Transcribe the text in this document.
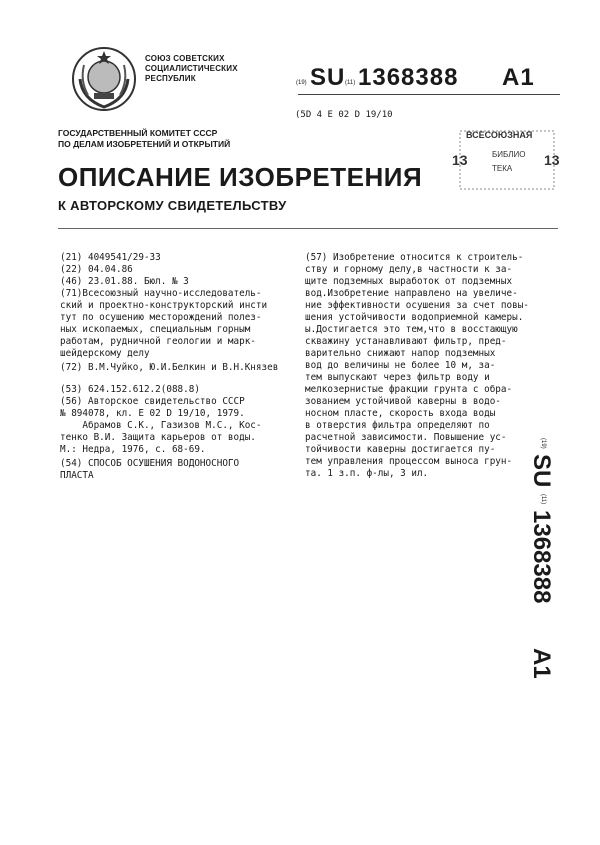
СОЮЗ СОВЕТСКИХ
СОЦИАЛИСТИЧЕСКИХ
РЕСПУБЛИК	(19) SU (11) 1368388 A1
(5D 4 Е 02 D 19/10
ГОСУДАРСТВЕННЫЙ КОМИТЕТ СССР
ПО ДЕЛАМ ИЗОБРЕТЕНИЙ И ОТКРЫТИЙ
ВСЕСОЮЗНАЯ
13	13
БИБЛИО
ТЕКА
ОПИСАНИЕ ИЗОБРЕТЕНИЯ
К АВТОРСКОМУ СВИДЕТЕЛЬСТВУ
(21) 4049541/29-33
(22) 04.04.86
(46) 23.01.88. Бюл. № 3
(71)Всесоюзный научно-исследователь-
ский и проектно-конструкторский инсти
тут по осушению месторождений полез-
ных ископаемых, специальным горным
работам, рудничной геологии и марк-
шейдерскому делу
(72) В.М.Чуйко, Ю.И.Белкин и В.Н.Князев
(53) 624.152.612.2(088.8)
(56) Авторское свидетельство СССР
№ 894078, кл. Е 02 D 19/10, 1979.
Абрамов С.К., Газизов М.С., Кос-
тенко В.И. Защита карьеров от воды.
М.: Недра, 1976, с. 68-69.
(54) СПОСОБ ОСУШЕНИЯ ВОДОНОСНОГО
ПЛАСТА
(57) Изобретение относится к строитель-
ству и горному делу,в частности к за-
щите подземных выработок от подземных
вод.Изобретение направлено на увеличе-
ние эффективности осушения за счет повы-
шения устойчивости водоприемной камеры.
ы.Достигается это тем,что в восстающую
скважину устанавливают фильтр, пред-
варительно снижают напор подземных
вод до величины не более 10 м, за-
тем выпускают через фильтр воду и
мелкозернистые фракции грунта с обра-
зованием устойчивой каверны в водо-
носном пласте, скорость входа воды
в отверстия фильтра определяют по
расчетной зависимости. Повышение ус-
тойчивости каверны достигается пу-
тем управления процессом выноса грун-
та. 1 з.п. ф-лы, 3 ил.
(19)
SU
(11)
1368388
A1
